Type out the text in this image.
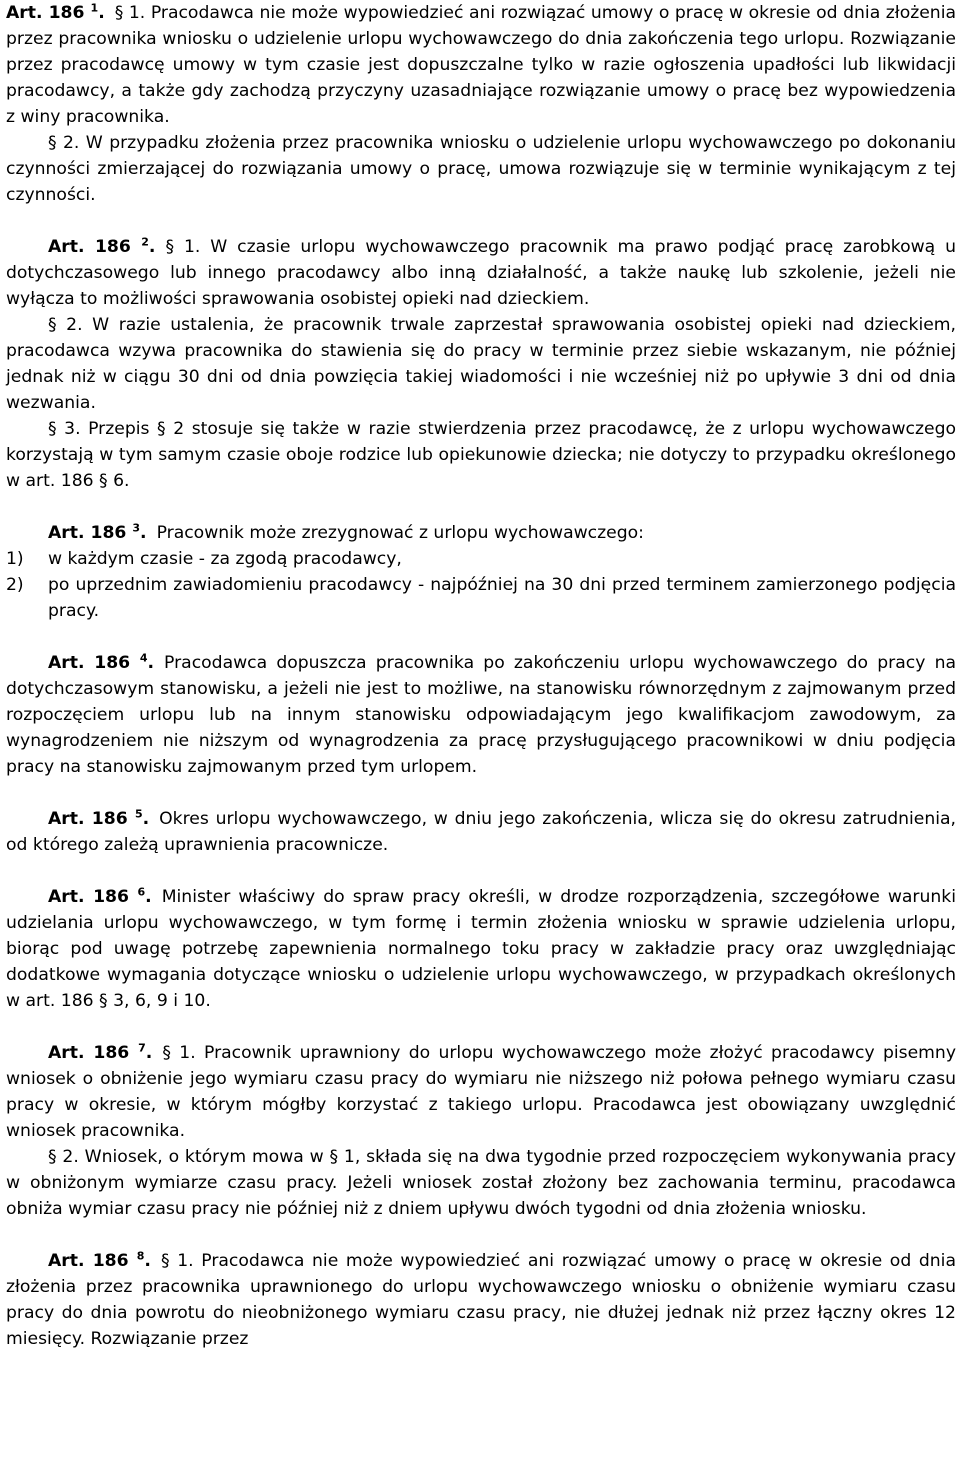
Art. 186 $^1$. § 1. Pracodawca nie może wypowiedzieć ani rozwiązać umowy o pracę w okresie od dnia złożenia przez pracownika wniosku o udzielenie urlopu wychowawczego do dnia zakończenia tego urlopu. Rozwiązanie przez pracodawcę umowy w tym czasie jest dopuszczalne tylko w razie ogłoszenia upadłości lub likwidacji pracodawcy, a także gdy zachodzą przyczyny uzasadniające rozwiązanie umowy o pracę bez wypowiedzenia z winy pracownika.

§ 2. W przypadku złożenia przez pracownika wniosku o udzielenie urlopu wychowawczego po dokonaniu czynności zmierzającej do rozwiązania umowy o pracę, umowa rozwiązuje się w terminie wynikającym z tej czynności.

Art. 186 $^2$. § 1. W czasie urlopu wychowawczego pracownik ma prawo podjąć pracę zarobkową u dotychczasowego lub innego pracodawcy albo inną działalność, a także naukę lub szkolenie, jeżeli nie wyłącza to możliwości sprawowania osobistej opieki nad dzieckiem.

§ 2. W razie ustalenia, że pracownik trwale zaprzestał sprawowania osobistej opieki nad dzieckiem, pracodawca wzywa pracownika do stawienia się do pracy w terminie przez siebie wskazanym, nie później jednak niż w ciągu 30 dni od dnia powzięcia takiej wiadomości i nie wcześniej niż po upływie 3 dni od dnia wezwania.

§ 3. Przepis § 2 stosuje się także w razie stwierdzenia przez pracodawcę, że z urlopu wychowawczego korzystają w tym samym czasie oboje rodzice lub opiekunowie dziecka; nie dotyczy to przypadku określonego w art. 186 § 6.

Art. 186 $^3$. Pracownik może zrezygnować z urlopu wychowawczego:

1) w każdym czasie - za zgodą pracodawcy,
2) po uprzednim zawiadomieniu pracodawcy - najpóźniej na 30 dni przed terminem zamierzonego podjęcia pracy.

Art. 186 $^4$. Pracodawca dopuszcza pracownika po zakończeniu urlopu wychowawczego do pracy na dotychczasowym stanowisku, a jeżeli nie jest to możliwe, na stanowisku równorzędnym z zajmowanym przed rozpoczęciem urlopu lub na innym stanowisku odpowiadającym jego kwalifikacjom zawodowym, za wynagrodzeniem nie niższym od wynagrodzenia za pracę przysługującego pracownikowi w dniu podjęcia pracy na stanowisku zajmowanym przed tym urlopem.

Art. 186 $^5$. Okres urlopu wychowawczego, w dniu jego zakończenia, wlicza się do okresu zatrudnienia, od którego zależą uprawnienia pracownicze.

Art. 186 $^6$. Minister właściwy do spraw pracy określi, w drodze rozporządzenia, szczegółowe warunki udzielania urlopu wychowawczego, w tym formę i termin złożenia wniosku w sprawie udzielenia urlopu, biorąc pod uwagę potrzebę zapewnienia normalnego toku pracy w zakładzie pracy oraz uwzględniając dodatkowe wymagania dotyczące wniosku o udzielenie urlopu wychowawczego, w przypadkach określonych w art. 186 § 3, 6, 9 i 10.

Art. 186 $^7$. § 1. Pracownik uprawniony do urlopu wychowawczego może złożyć pracodawcy pisemny wniosek o obniżenie jego wymiaru czasu pracy do wymiaru nie niższego niż połowa pełnego wymiaru czasu pracy w okresie, w którym mógłby korzystać z takiego urlopu. Pracodawca jest obowiązany uwzględnić wniosek pracownika.

§ 2. Wniosek, o którym mowa w § 1, składa się na dwa tygodnie przed rozpoczęciem wykonywania pracy w obniżonym wymiarze czasu pracy. Jeżeli wniosek został złożony bez zachowania terminu, pracodawca obniża wymiar czasu pracy nie później niż z dniem upływu dwóch tygodni od dnia złożenia wniosku.

Art. 186 $^8$. § 1. Pracodawca nie może wypowiedzieć ani rozwiązać umowy o pracę w okresie od dnia złożenia przez pracownika uprawnionego do urlopu wychowawczego wniosku o obniżenie wymiaru czasu pracy do dnia powrotu do nieobniżonego wymiaru czasu pracy, nie dłużej jednak niż przez łączny okres 12 miesięcy. Rozwiązanie przez
